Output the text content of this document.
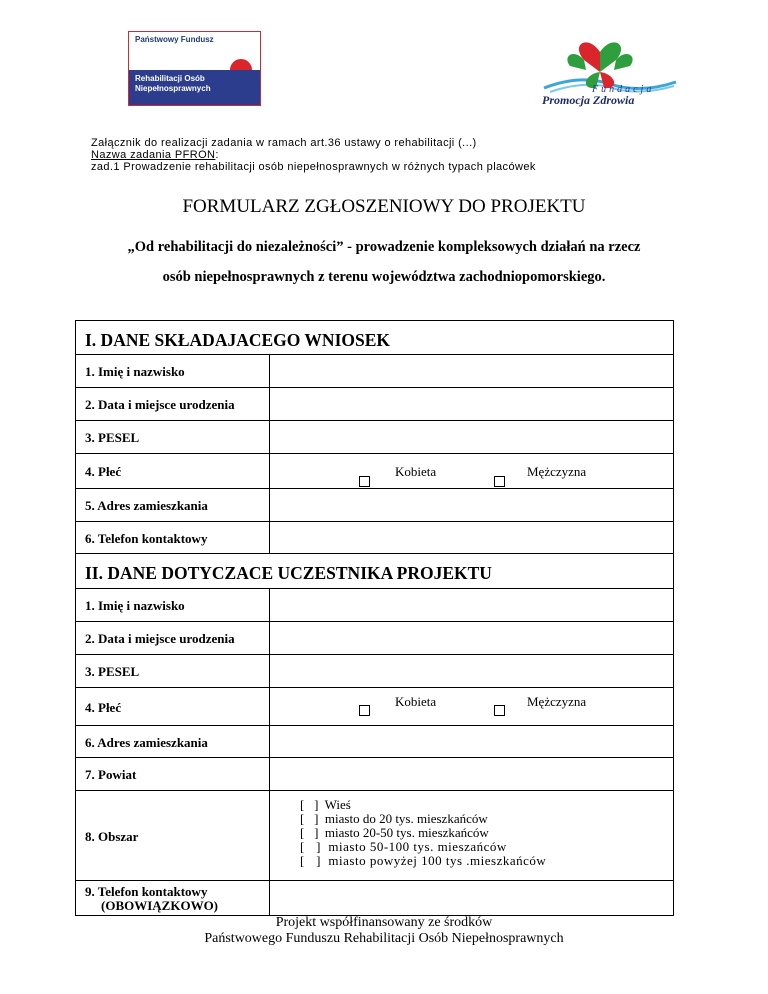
Państwowy Fundusz
Rehabilitacji Osób
Niepełnosprawnych	Fundacja
Promocja Zdrowia
Załącznik do realizacji zadania w ramach art.36 ustawy o rehabilitacji (...)
Nazwa zadania PFRON:
zad.1 Prowadzenie rehabilitacji osób niepełnosprawnych w różnych typach placówek
FORMULARZ ZGŁOSZENIOWY DO PROJEKTU
„Od rehabilitacji do niezależności” - prowadzenie kompleksowych działań na rzecz
osób niepełnosprawnych z terenu województwa zachodniopomorskiego.
I. DANE SKŁADAJACEGO WNIOSEK
1. Imię i nazwisko
2. Data i miejsce urodzenia
3. PESEL
4. Płeć	Kobieta	Mężczyzna
5. Adres zamieszkania
6. Telefon kontaktowy
II. DANE DOTYCZACE UCZESTNIKA PROJEKTU
1. Imię i nazwisko
2. Data i miejsce urodzenia
3. PESEL
4. Płeć	Kobieta	Mężczyzna
6. Adres zamieszkania
7. Powiat
8. Obszar
[   ]  Wieś
[   ]  miasto do 20 tys. mieszkańców
[   ]  miasto 20-50 tys. mieszkańców
[   ]  miasto 50-100 tys. mieszańców
[   ]  miasto powyżej 100 tys .mieszkańców
9. Telefon kontaktowy
(OBOWIĄZKOWO)
Projekt współfinansowany ze środków
Państwowego Funduszu Rehabilitacji Osób Niepełnosprawnych
